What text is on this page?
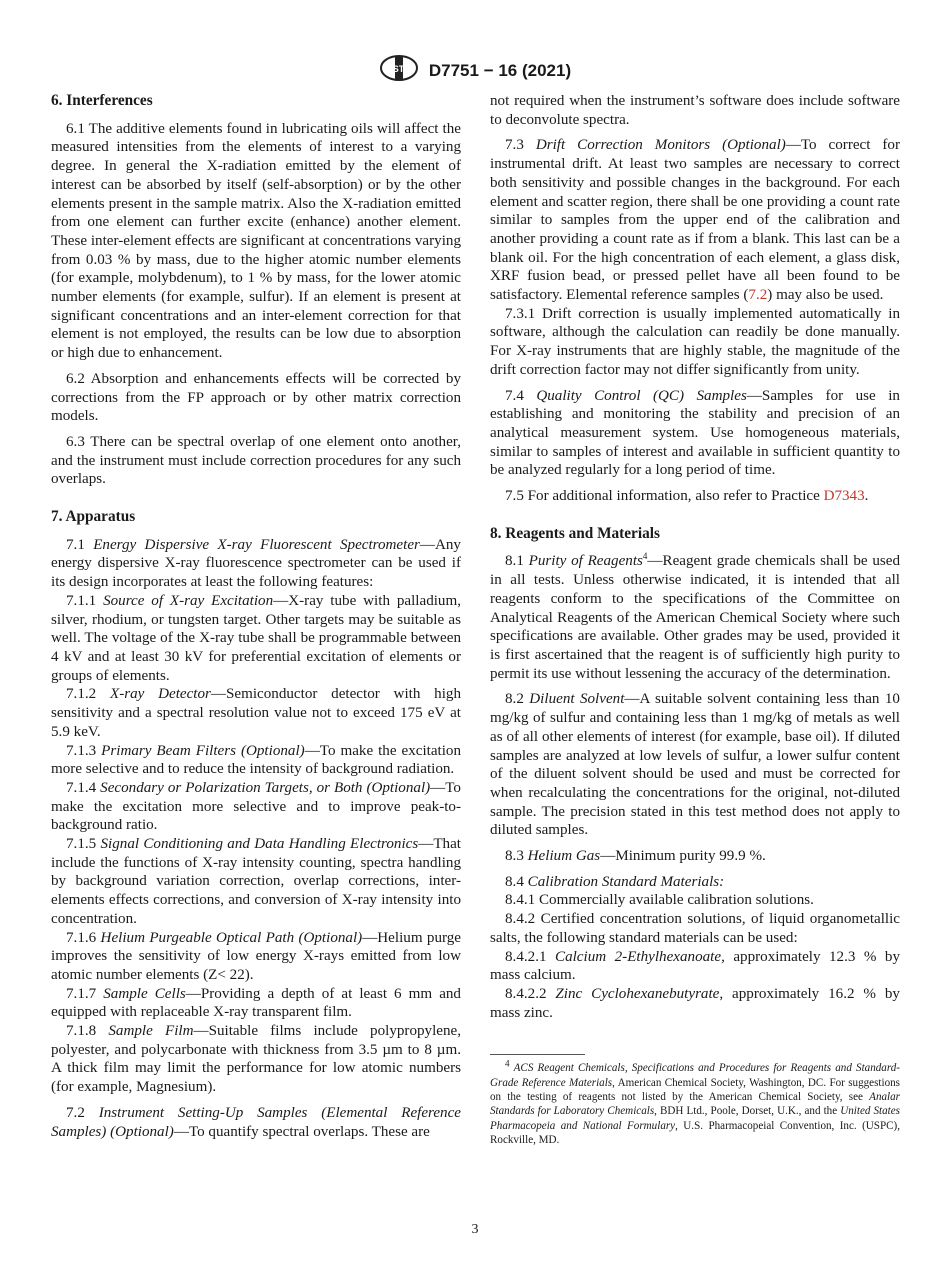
ASTM D7751 − 16 (2021)
6. Interferences

6.1 The additive elements found in lubricating oils will affect the measured intensities from the elements of interest to a varying degree. In general the X-radiation emitted by the element of interest can be absorbed by itself (self-absorption) or by the other elements present in the sample matrix. Also the X-radiation emitted from one element can further excite (enhance) another element. These inter-element effects are significant at concentrations varying from 0.03 % by mass, due to the higher atomic number elements (for example, molybdenum), to 1 % by mass, for the lower atomic number elements (for example, sulfur). If an element is present at significant concentrations and an inter-element correction for that element is not employed, the results can be low due to absorption or high due to enhancement.

6.2 Absorption and enhancements effects will be corrected by corrections from the FP approach or by other matrix correction models.

6.3 There can be spectral overlap of one element onto another, and the instrument must include correction procedures for any such overlaps.

7. Apparatus

7.1 Energy Dispersive X-ray Fluorescent Spectrometer—Any energy dispersive X-ray fluorescence spectrometer can be used if its design incorporates at least the following features:

7.1.1 Source of X-ray Excitation—X-ray tube with palladium, silver, rhodium, or tungsten target. Other targets may be suitable as well. The voltage of the X-ray tube shall be programmable between 4 kV and at least 30 kV for preferential excitation of elements or groups of elements.

7.1.2 X-ray Detector—Semiconductor detector with high sensitivity and a spectral resolution value not to exceed 175 eV at 5.9 keV.

7.1.3 Primary Beam Filters (Optional)—To make the excitation more selective and to reduce the intensity of background radiation.

7.1.4 Secondary or Polarization Targets, or Both (Optional)—To make the excitation more selective and to improve peak-to-background ratio.

7.1.5 Signal Conditioning and Data Handling Electronics—That include the functions of X-ray intensity counting, spectra handling by background variation correction, overlap corrections, inter-elements effects corrections, and conversion of X-ray intensity into concentration.

7.1.6 Helium Purgeable Optical Path (Optional)—Helium purge improves the sensitivity of low energy X-rays emitted from low atomic number elements (Z< 22).

7.1.7 Sample Cells—Providing a depth of at least 6 mm and equipped with replaceable X-ray transparent film.

7.1.8 Sample Film—Suitable films include polypropylene, polyester, and polycarbonate with thickness from 3.5 µm to 8 µm. A thick film may limit the performance for low atomic numbers (for example, Magnesium).

7.2 Instrument Setting-Up Samples (Elemental Reference Samples) (Optional)—To quantify spectral overlaps. These are

not required when the instrument’s software does include software to deconvolute spectra.

7.3 Drift Correction Monitors (Optional)—To correct for instrumental drift. At least two samples are necessary to correct both sensitivity and possible changes in the background. For each element and scatter region, there shall be one providing a count rate similar to samples from the upper end of the calibration and another providing a count rate as if from a blank. This last can be a blank oil. For the high concentration of each element, a glass disk, XRF fusion bead, or pressed pellet have all been found to be satisfactory. Elemental reference samples (7.2) may also be used.

7.3.1 Drift correction is usually implemented automatically in software, although the calculation can readily be done manually. For X-ray instruments that are highly stable, the magnitude of the drift correction factor may not differ significantly from unity.

7.4 Quality Control (QC) Samples—Samples for use in establishing and monitoring the stability and precision of an analytical measurement system. Use homogeneous materials, similar to samples of interest and available in sufficient quantity to be analyzed regularly for a long period of time.

7.5 For additional information, also refer to Practice D7343.

8. Reagents and Materials

8.1 Purity of Reagents$^4$—Reagent grade chemicals shall be used in all tests. Unless otherwise indicated, it is intended that all reagents conform to the specifications of the Committee on Analytical Reagents of the American Chemical Society where such specifications are available. Other grades may be used, provided it is first ascertained that the reagent is of sufficiently high purity to permit its use without lessening the accuracy of the determination.

8.2 Diluent Solvent—A suitable solvent containing less than 10 mg/kg of sulfur and containing less than 1 mg/kg of metals as well as of all other elements of interest (for example, base oil). If diluted samples are analyzed at low levels of sulfur, a lower sulfur content of the diluent solvent should be used and must be corrected for when recalculating the concentrations for the original, not-diluted sample. The precision stated in this test method does not apply to diluted samples.

8.3 Helium Gas—Minimum purity 99.9 %.

8.4 Calibration Standard Materials:

8.4.1 Commercially available calibration solutions.

8.4.2 Certified concentration solutions, of liquid organometallic salts, the following standard materials can be used:

8.4.2.1 Calcium 2-Ethylhexanoate, approximately 12.3 % by mass calcium.

8.4.2.2 Zinc Cyclohexanebutyrate, approximately 16.2 % by mass zinc.

$^4$ ACS Reagent Chemicals, Specifications and Procedures for Reagents and Standard-Grade Reference Materials, American Chemical Society, Washington, DC. For suggestions on the testing of reagents not listed by the American Chemical Society, see Analar Standards for Laboratory Chemicals, BDH Ltd., Poole, Dorset, U.K., and the United States Pharmacopeia and National Formulary, U.S. Pharmacopeial Convention, Inc. (USPC), Rockville, MD.

3
